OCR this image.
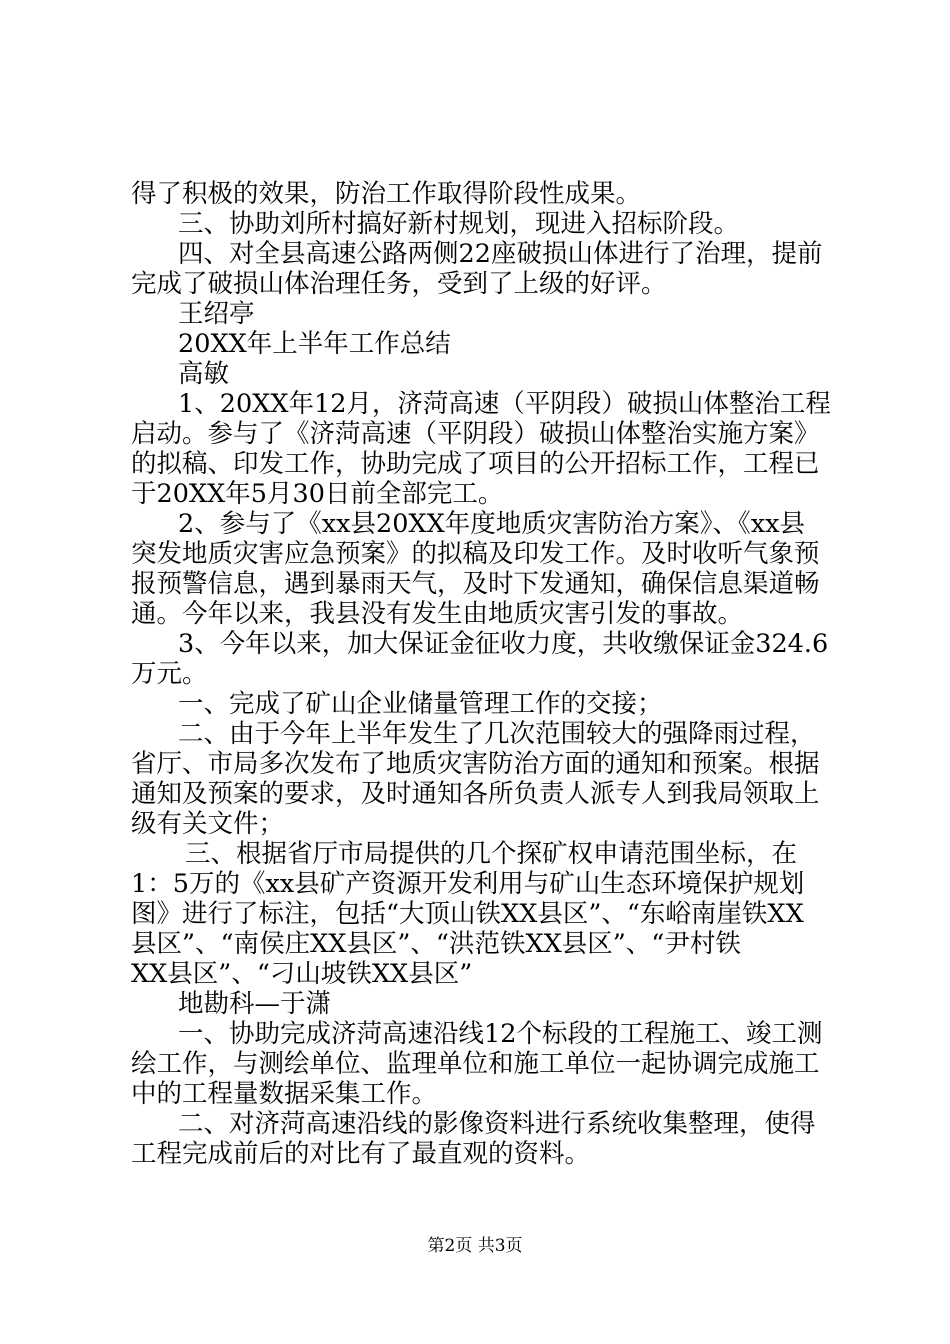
得了积极的效果，防治工作取得阶段性成果。
三、协助刘所村搞好新村规划，现进入招标阶段。
四、对全县高速公路两侧22座破损山体进行了治理，提前
完成了破损山体治理任务，受到了上级的好评。
王绍亭
20XX年上半年工作总结
高敏
1、20XX年12月，济菏高速（平阴段）破损山体整治工程
启动。参与了《济菏高速（平阴段）破损山体整治实施方案》
的拟稿、印发工作，协助完成了项目的公开招标工作，工程已
于20XX年5月30日前全部完工。
2、参与了《xx县20XX年度地质灾害防治方案》、《xx县
突发地质灾害应急预案》的拟稿及印发工作。及时收听气象预
报预警信息，遇到暴雨天气，及时下发通知，确保信息渠道畅
通。今年以来，我县没有发生由地质灾害引发的事故。
3、今年以来，加大保证金征收力度，共收缴保证金324.6
万元。
一、完成了矿山企业储量管理工作的交接；
二、由于今年上半年发生了几次范围较大的强降雨过程，
省厅、市局多次发布了地质灾害防治方面的通知和预案。根据
通知及预案的要求，及时通知各所负责人派专人到我局领取上
级有关文件；
三、根据省厅市局提供的几个探矿权申请范围坐标，在
1：5万的《xx县矿产资源开发利用与矿山生态环境保护规划
图》进行了标注，包括“大顶山铁XX县区”、“东峪南崖铁XX
县区”、“南侯庄XX县区”、“洪范铁XX县区”、“尹村铁
XX县区”、“刁山坡铁XX县区”
地勘科—于潇
一、协助完成济菏高速沿线12个标段的工程施工、竣工测
绘工作，与测绘单位、监理单位和施工单位一起协调完成施工
中的工程量数据采集工作。
二、对济菏高速沿线的影像资料进行系统收集整理，使得
工程完成前后的对比有了最直观的资料。
第2页 共3页
